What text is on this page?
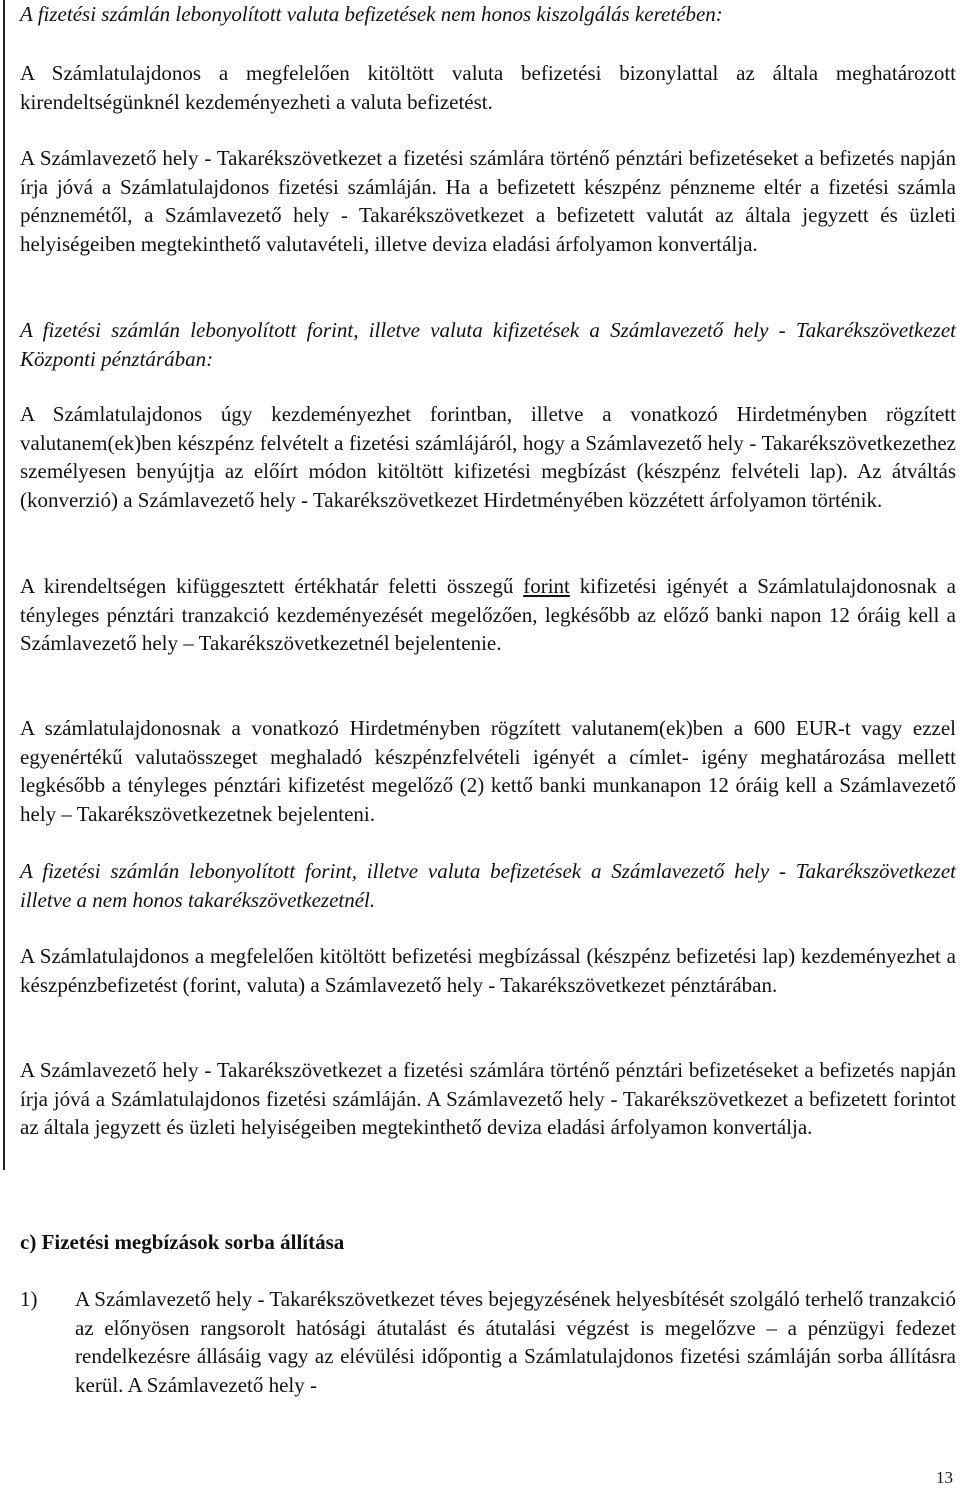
A fizetési számlán lebonyolított valuta befizetések nem honos kiszolgálás keretében:

A Számlatulajdonos a megfelelően kitöltött valuta befizetési bizonylattal az általa meghatározott kirendeltségünknél kezdeményezheti a valuta befizetést.

A Számlavezető hely - Takarékszövetkezet a fizetési számlára történő pénztári befizetéseket a befizetés napján írja jóvá a Számlatulajdonos fizetési számláján. Ha a befizetett készpénz pénzneme eltér a fizetési számla pénznemétől, a Számlavezető hely - Takarékszövetkezet a befizetett valutát az általa jegyzett és üzleti helyiségeiben megtekinthető valutavételi, illetve deviza eladási árfolyamon konvertálja.

A fizetési számlán lebonyolított forint, illetve valuta kifizetések a Számlavezető hely - Takarékszövetkezet Központi pénztárában:

A Számlatulajdonos úgy kezdeményezhet forintban, illetve a vonatkozó Hirdetményben rögzített valutanem(ek)ben készpénz felvételt a fizetési számlájáról, hogy a Számlavezető hely - Takarékszövetkezethez személyesen benyújtja az előírt módon kitöltött kifizetési megbízást (készpénz felvételi lap). Az átváltás (konverzió) a Számlavezető hely - Takarékszövetkezet Hirdetményében közzétett árfolyamon történik.

A kirendeltségen kifüggesztett értékhatár feletti összegű forint kifizetési igényét a Számlatulajdonosnak a tényleges pénztári tranzakció kezdeményezését megelőzően, legkésőbb az előző banki napon 12 óráig kell a Számlavezető hely – Takarékszövetkezetnél bejelentenie.

A számlatulajdonosnak a vonatkozó Hirdetményben rögzített valutanem(ek)ben a 600 EUR-t vagy ezzel egyenértékű valutaösszeget meghaladó készpénzfelvételi igényét a címlet- igény meghatározása mellett legkésőbb a tényleges pénztári kifizetést megelőző (2) kettő banki munkanapon 12 óráig kell a Számlavezető hely – Takarékszövetkezetnek bejelenteni.

A fizetési számlán lebonyolított forint, illetve valuta befizetések a Számlavezető hely - Takarékszövetkezet illetve a nem honos takarékszövetkezetnél.

A Számlatulajdonos a megfelelően kitöltött befizetési megbízással (készpénz befizetési lap) kezdeményezhet a készpénzbefizetést (forint, valuta) a Számlavezető hely - Takarékszövetkezet pénztárában.

A Számlavezető hely - Takarékszövetkezet a fizetési számlára történő pénztári befizetéseket a befizetés napján írja jóvá a Számlatulajdonos fizetési számláján. A Számlavezető hely - Takarékszövetkezet a befizetett forintot az általa jegyzett és üzleti helyiségeiben megtekinthető deviza eladási árfolyamon konvertálja.

c) Fizetési megbízások sorba állítása

1)	A Számlavezető hely - Takarékszövetkezet téves bejegyzésének helyesbítését szolgáló terhelő tranzakció az előnyösen rangsorolt hatósági átutalást és átutalási végzést is megelőzve – a pénzügyi fedezet rendelkezésre állásáig vagy az elévülési időpontig a Számlatulajdonos fizetési számláján sorba állításra kerül. A Számlavezető hely -
13
